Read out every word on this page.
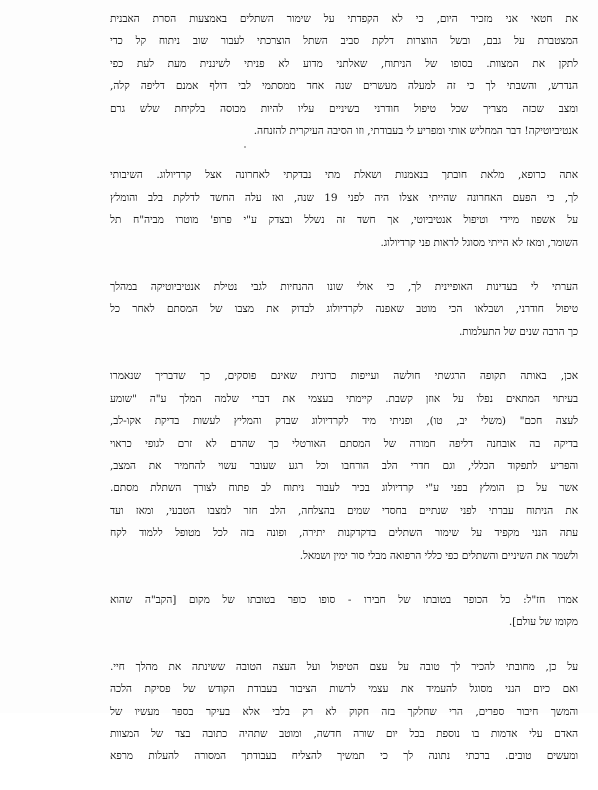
את חטאי אני מזכיר היום, כי לא הקפדתי על שימור השתלים באמצעות הסרת האבנית
המצטברת על גבם, ובשל הווצרות דלקת סביב השתל הוצרכתי לעבור שוב ניתוח קל כדי
לתקן את המצוות. בסופו של הניתוח, שאלתני מדוע לא פניתי לשיננית מעת לעת כפי
הנדרש, והשבתי לך כי זה למעלה מעשרים שנה אחד ממסתמי לבי דולף אמנם דליפה קלה,
ומצב שכזה מצריך שכל טיפול חודרני בשיניים עליו להיות מכוסה בלקיחת שלש גרם
אנטיביוטיקה! דבר המחליש אותי ומפריע לי בעבודתי, וזו הסיבה העיקרית להזנחה.
אתה כרופא, מלאת חובתך בנאמנות ושאלת מתי נבדקתי לאחרונה אצל קרדיולוג. השיבותי
לך, כי הפעם האחרונה שהייתי אצלו היה לפני 19 שנה, ואז עלה החשד לדלקת בלב והומלץ
על אשפוז מיידי וטיפול אנטיביוטי, אך חשד זה נשלל ובצדק ע"י פרופ' מוטרו מביה"ח תל
השומר, ומאז לא הייתי מסוגל לראות פני קרדיולוג.
הערתי לי בעדינות האופיינית לך, כי אולי שונו ההנחיות לגבי נטילת אנטיביוטיקה במהלך
טיפול חודרני, ושבלאו הכי מוטב שאפנה לקרדיולוג לבדוק את מצבו של המסתם לאחר כל
כך הרבה שנים של התעלמות.
אכן, באותה תקופה הרגשתי חולשה ועייפות כרונית שאינם פוסקים, כך שדבריך שנאמרו
בעיתוי המתאים נפלו על אוזן קשבת. קיימתי בעצמי את דברי שלמה המלך ע"ה "שומע
לעצה חכם" (משלי יב, טו), ופניתי מיד לקרדיולוג שבדק והמליץ לעשות בדיקת אקו-לב,
בדיקה בה אובחנה דליפה חמורה של המסתם האורטלי כך שהדם לא זרם לגופי כראוי
והפריע לתפקוד הכללי, וגם חדרי הלב הורחבו וכל רגע שעובר עשוי להחמיר את המצב,
אשר על כן הומלץ בפני ע"י קרדיולוג בכיר לעבור ניתוח לב פתוח לצורך השתלת מסתם.
את הניתוח עברתי לפני שנתיים בחסדי שמים בהצלחה, הלב חזר למצבו הטבעי, ומאז ועד
עתה הנני מקפיד על שימור השתלים בדקדקנות יתירה, ופונה בזה לכל מטופל ללמוד לקח
ולשמר את השיניים והשתלים כפי כללי הרפואה מבלי סור ימין ושמאל.
אמרו חז"ל: כל הכופר בטובתו של חבירו - סופו כופר בטובתו של מקום [הקב"ה שהוא
מקומו של עולם].
על כן, מחובתי להכיר לך טובה על עצם הטיפול ועל העצה הטובה ששינתה את מהלך חיי.
ואם כיום הנני מסוגל להעמיד את עצמי לרשות הציבור בעבודת הקודש של פסיקת הלכה
והמשך חיבור ספרים, הרי שחלקך בזה חקוק לא רק בלבי אלא בעיקר בספר מעשיו של
האדם עלי אדמות בו נוספת בכל יום שורה חדשה, ומוטב שתהיה כתובה בצד של המצוות
ומעשים טובים. ברכתי נתונה לך כי תמשיך להצליח בעבודתך המסורה להעלות מרפא
